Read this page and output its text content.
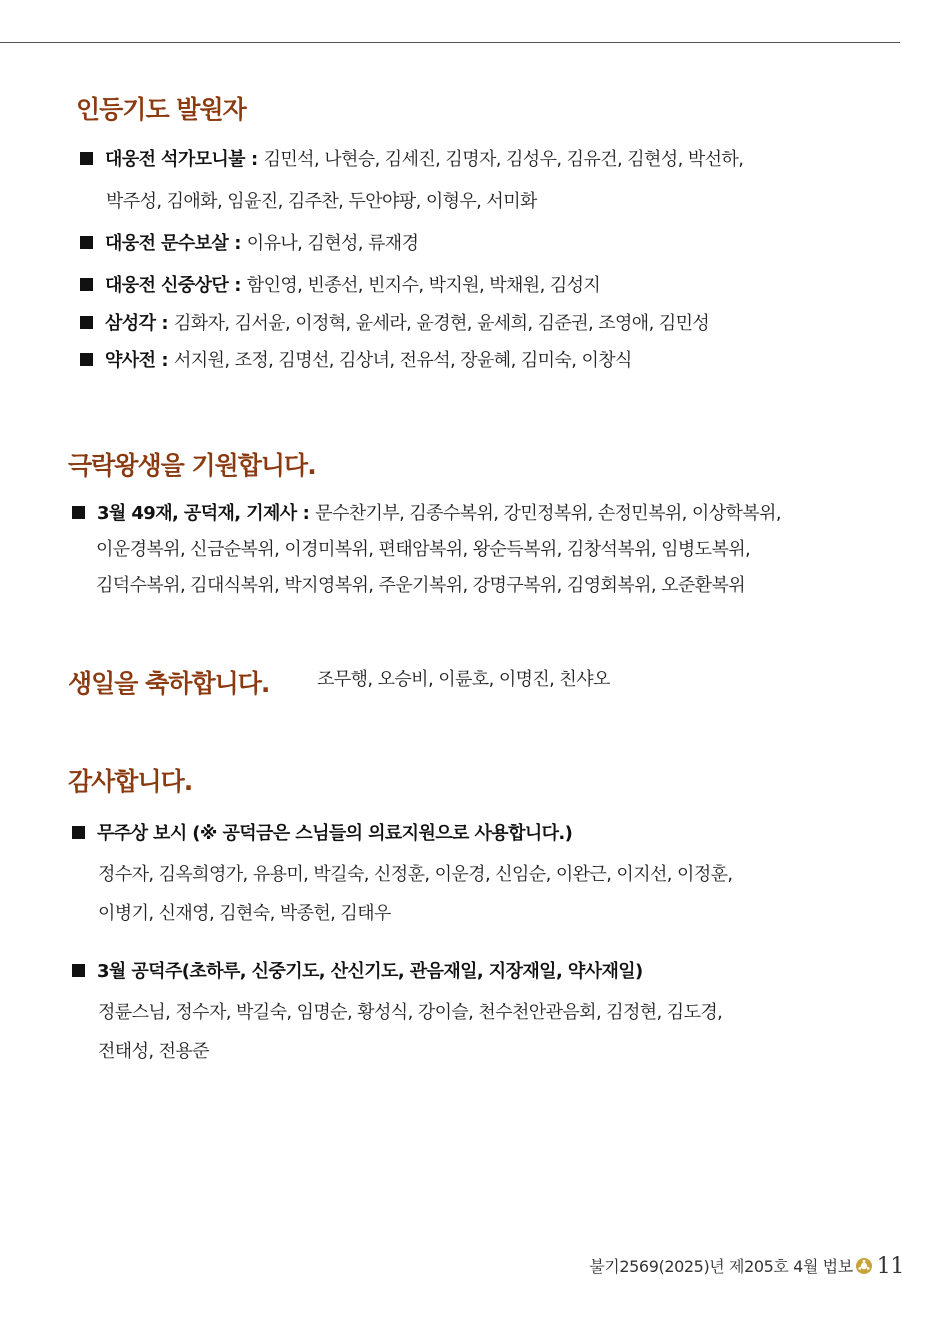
인등기도 발원자
대웅전 석가모니불 : 김민석, 나현승, 김세진, 김명자, 김성우, 김유건, 김현성, 박선하,
박주성, 김애화, 임윤진, 김주찬, 두안야팡, 이형우, 서미화
대웅전 문수보살 : 이유나, 김현성, 류재경
대웅전 신중상단 : 함인영, 빈종선, 빈지수, 박지원, 박채원, 김성지
삼성각 : 김화자, 김서윤, 이정혁, 윤세라, 윤경현, 윤세희, 김준권, 조영애, 김민성
약사전 : 서지원, 조정, 김명선, 김상녀, 전유석, 장윤혜, 김미숙, 이창식
극락왕생을 기원합니다.
3월 49재, 공덕재, 기제사 : 문수찬기부, 김종수복위, 강민정복위, 손정민복위, 이상학복위,
이운경복위, 신금순복위, 이경미복위, 편태암복위, 왕순득복위, 김창석복위, 임병도복위,
김덕수복위, 김대식복위, 박지영복위, 주운기복위, 강명구복위, 김영회복위, 오준환복위
생일을 축하합니다.	조무행, 오승비, 이륜호, 이명진, 친샤오
감사합니다.
무주상 보시 (※ 공덕금은 스님들의 의료지원으로 사용합니다.)
정수자, 김옥희영가, 유용미, 박길숙, 신정훈, 이운경, 신임순, 이완근, 이지선, 이정훈,
이병기, 신재영, 김현숙, 박종헌, 김태우
3월 공덕주(초하루, 신중기도, 산신기도, 관음재일, 지장재일, 약사재일)
정륜스님, 정수자, 박길숙, 임명순, 황성식, 강이슬, 천수천안관음회, 김정현, 김도경,
전태성, 전용준
불기2569(2025)년 제205호 4월 법보 11
